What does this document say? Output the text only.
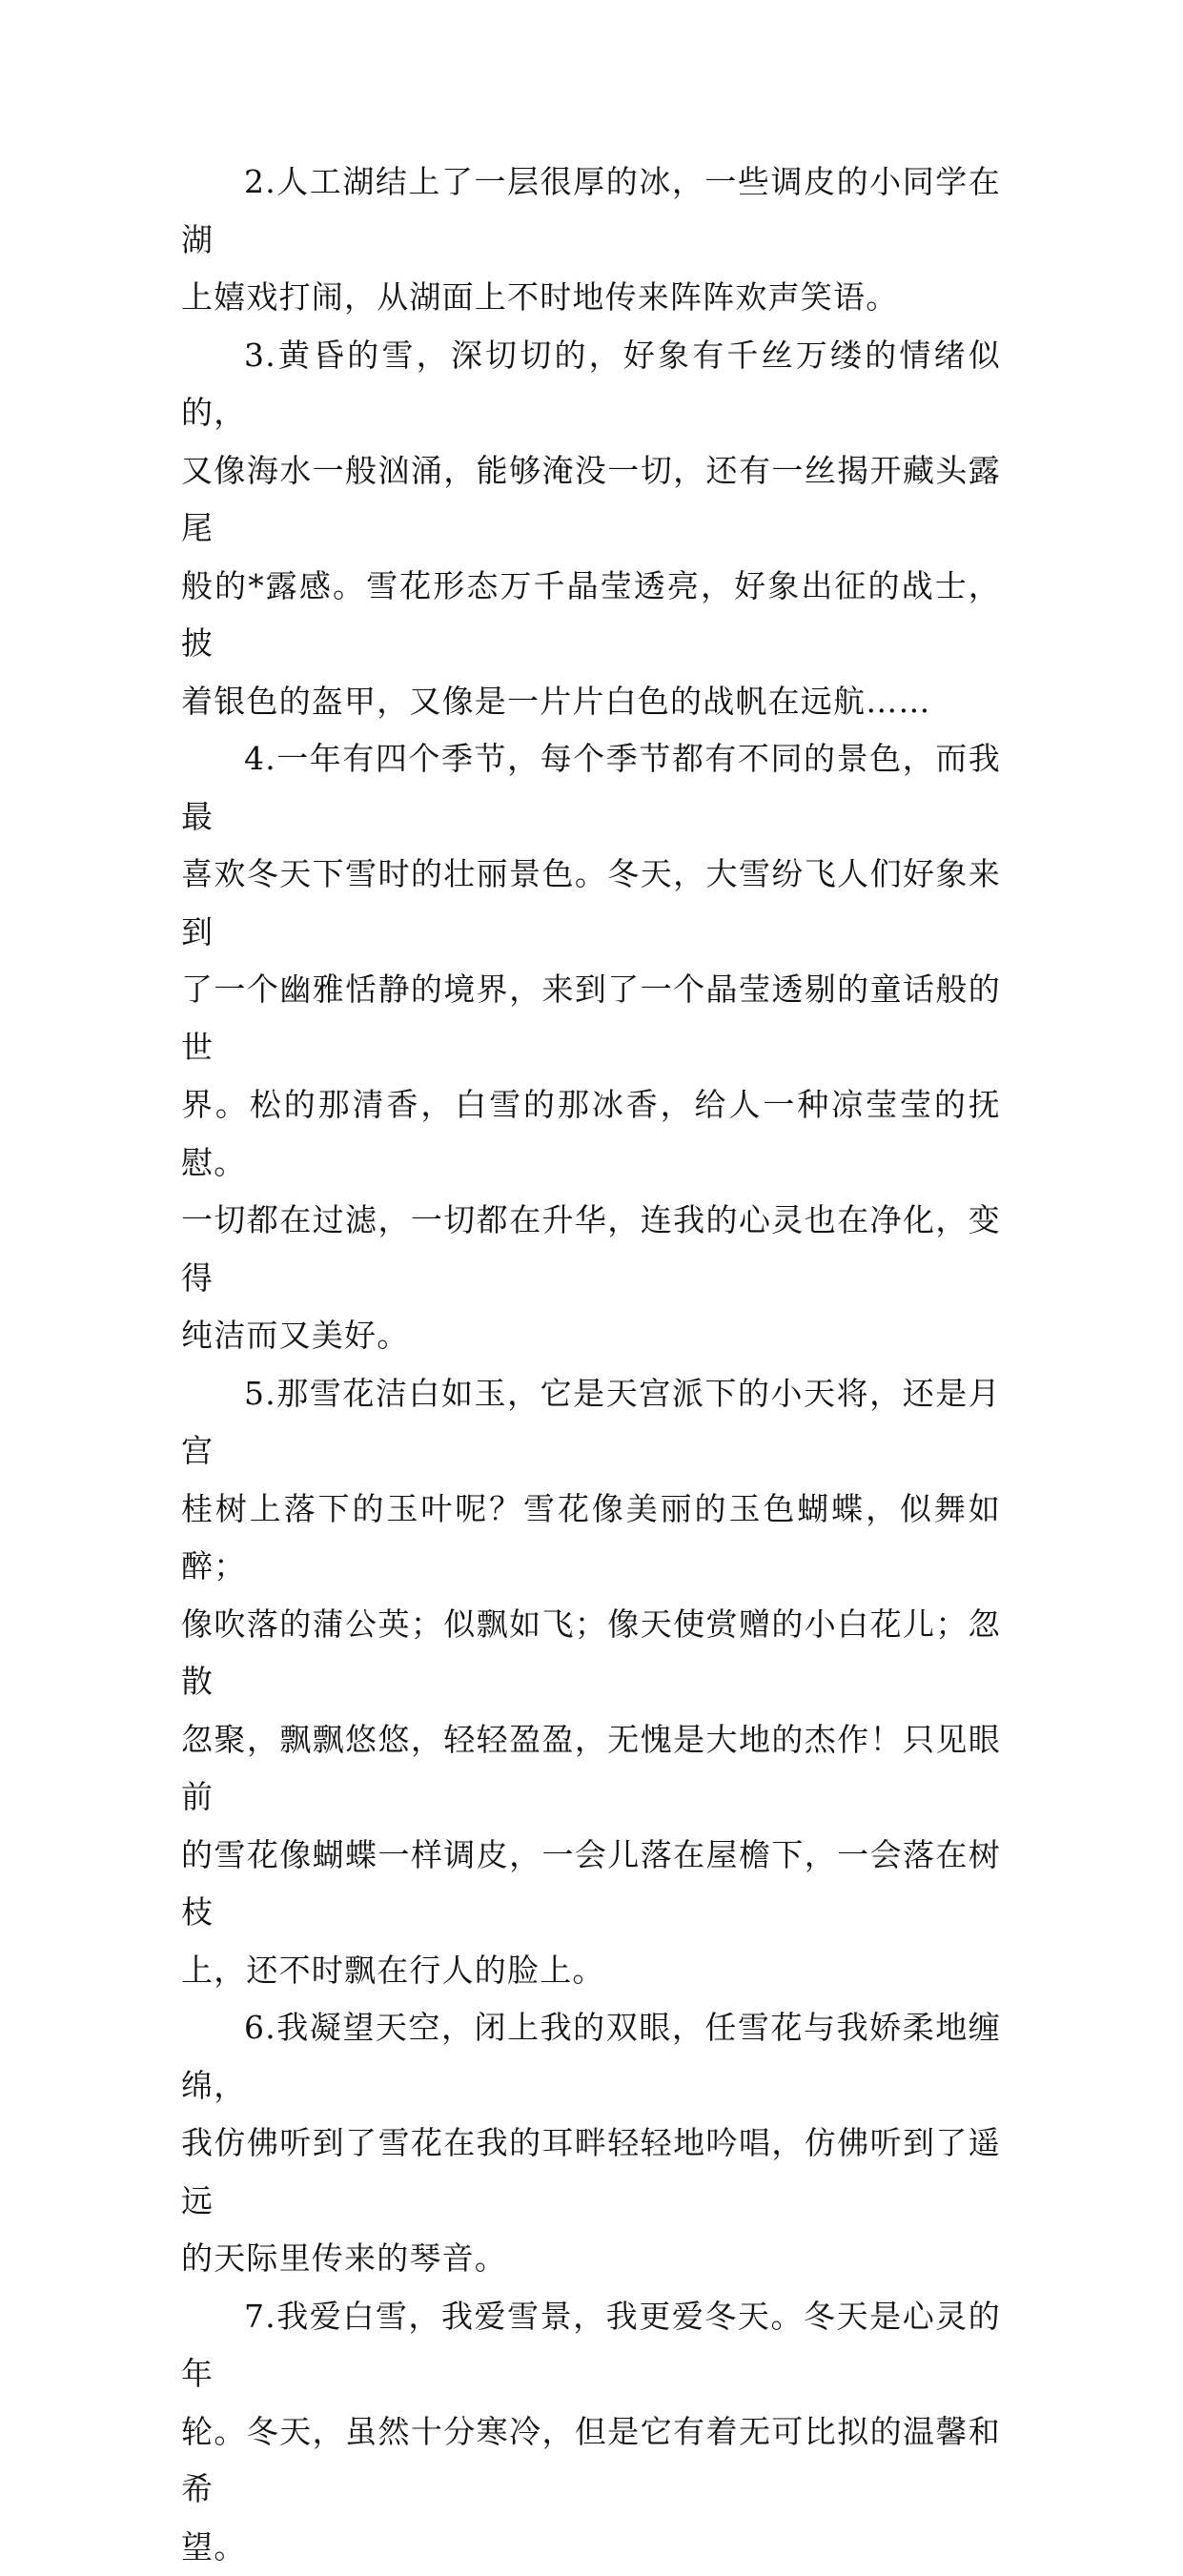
2.人工湖结上了一层很厚的冰，一些调皮的小同学在湖
上嬉戏打闹，从湖面上不时地传来阵阵欢声笑语。

3.黄昏的雪，深切切的，好象有千丝万缕的情绪似的，
又像海水一般汹涌，能够淹没一切，还有一丝揭开藏头露尾
般的*露感。雪花形态万千晶莹透亮，好象出征的战士，披
着银色的盔甲，又像是一片片白色的战帆在远航……

4.一年有四个季节，每个季节都有不同的景色，而我最
喜欢冬天下雪时的壮丽景色。冬天，大雪纷飞人们好象来到
了一个幽雅恬静的境界，来到了一个晶莹透剔的童话般的世
界。松的那清香，白雪的那冰香，给人一种凉莹莹的抚慰。
一切都在过滤，一切都在升华，连我的心灵也在净化，变得
纯洁而又美好。

5.那雪花洁白如玉，它是天宫派下的小天将，还是月宫
桂树上落下的玉叶呢？雪花像美丽的玉色蝴蝶，似舞如醉；
像吹落的蒲公英；似飘如飞；像天使赏赠的小白花儿；忽散
忽聚，飘飘悠悠，轻轻盈盈，无愧是大地的杰作！只见眼前
的雪花像蝴蝶一样调皮，一会儿落在屋檐下，一会落在树枝
上，还不时飘在行人的脸上。

6.我凝望天空，闭上我的双眼，任雪花与我娇柔地缠绵，
我仿佛听到了雪花在我的耳畔轻轻地吟唱，仿佛听到了遥远
的天际里传来的琴音。

7.我爱白雪，我爱雪景，我更爱冬天。冬天是心灵的年
轮。冬天，虽然十分寒冷，但是它有着无可比拟的温馨和希
望。
